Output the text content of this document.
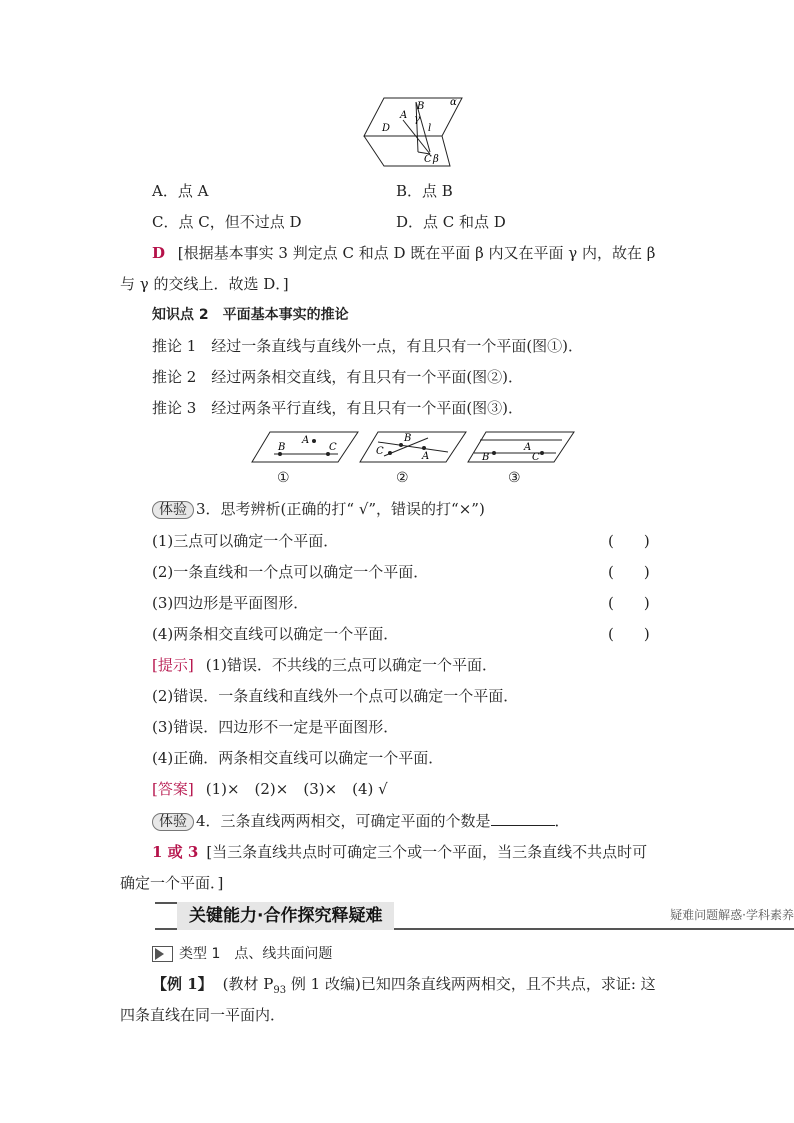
α
B
A γ
D	l
C β
A．点 A	B．点 B
C．点 C，但不过点 D	D．点 C 和点 D
D [根据基本事实 3 判定点 C 和点 D 既在平面 β 内又在平面 γ 内，故在 β
与 γ 的交线上．故选 D．]
知识点 2　平面基本事实的推论
推论 1　经过一条直线与直线外一点，有且只有一个平面(图①)．
推论 2　经过两条相交直线，有且只有一个平面(图②)．
推论 3　经过两条平行直线，有且只有一个平面(图③)．
A
B	C
A
B
C	A
B	C
①	②	③
体验 3．思考辨析(正确的打“ √”，错误的打“×”)
(1)三点可以确定一个平面．	(　　)
(2)一条直线和一个点可以确定一个平面．	(　　)
(3)四边形是平面图形．	(　　)
(4)两条相交直线可以确定一个平面．	(　　)
[提示] (1)错误．不共线的三点可以确定一个平面．
(2)错误．一条直线和直线外一个点可以确定一个平面．
(3)错误．四边形不一定是平面图形．
(4)正确．两条相交直线可以确定一个平面．
[答案] (1)×　(2)×　(3)×　(4) √
体验 4．三条直线两两相交，可确定平面的个数是	．
1 或 3 [当三条直线共点时可确定三个或一个平面，当三条直线不共点时可
确定一个平面．]
关键能力·合作探究释疑难	疑难问题解惑·学科素养
类型 1　点、线共面问题
【例 1】 (教材 $P_{93}$ 例 1 改编)已知四条直线两两相交，且不共点，求证: 这
四条直线在同一平面内．
